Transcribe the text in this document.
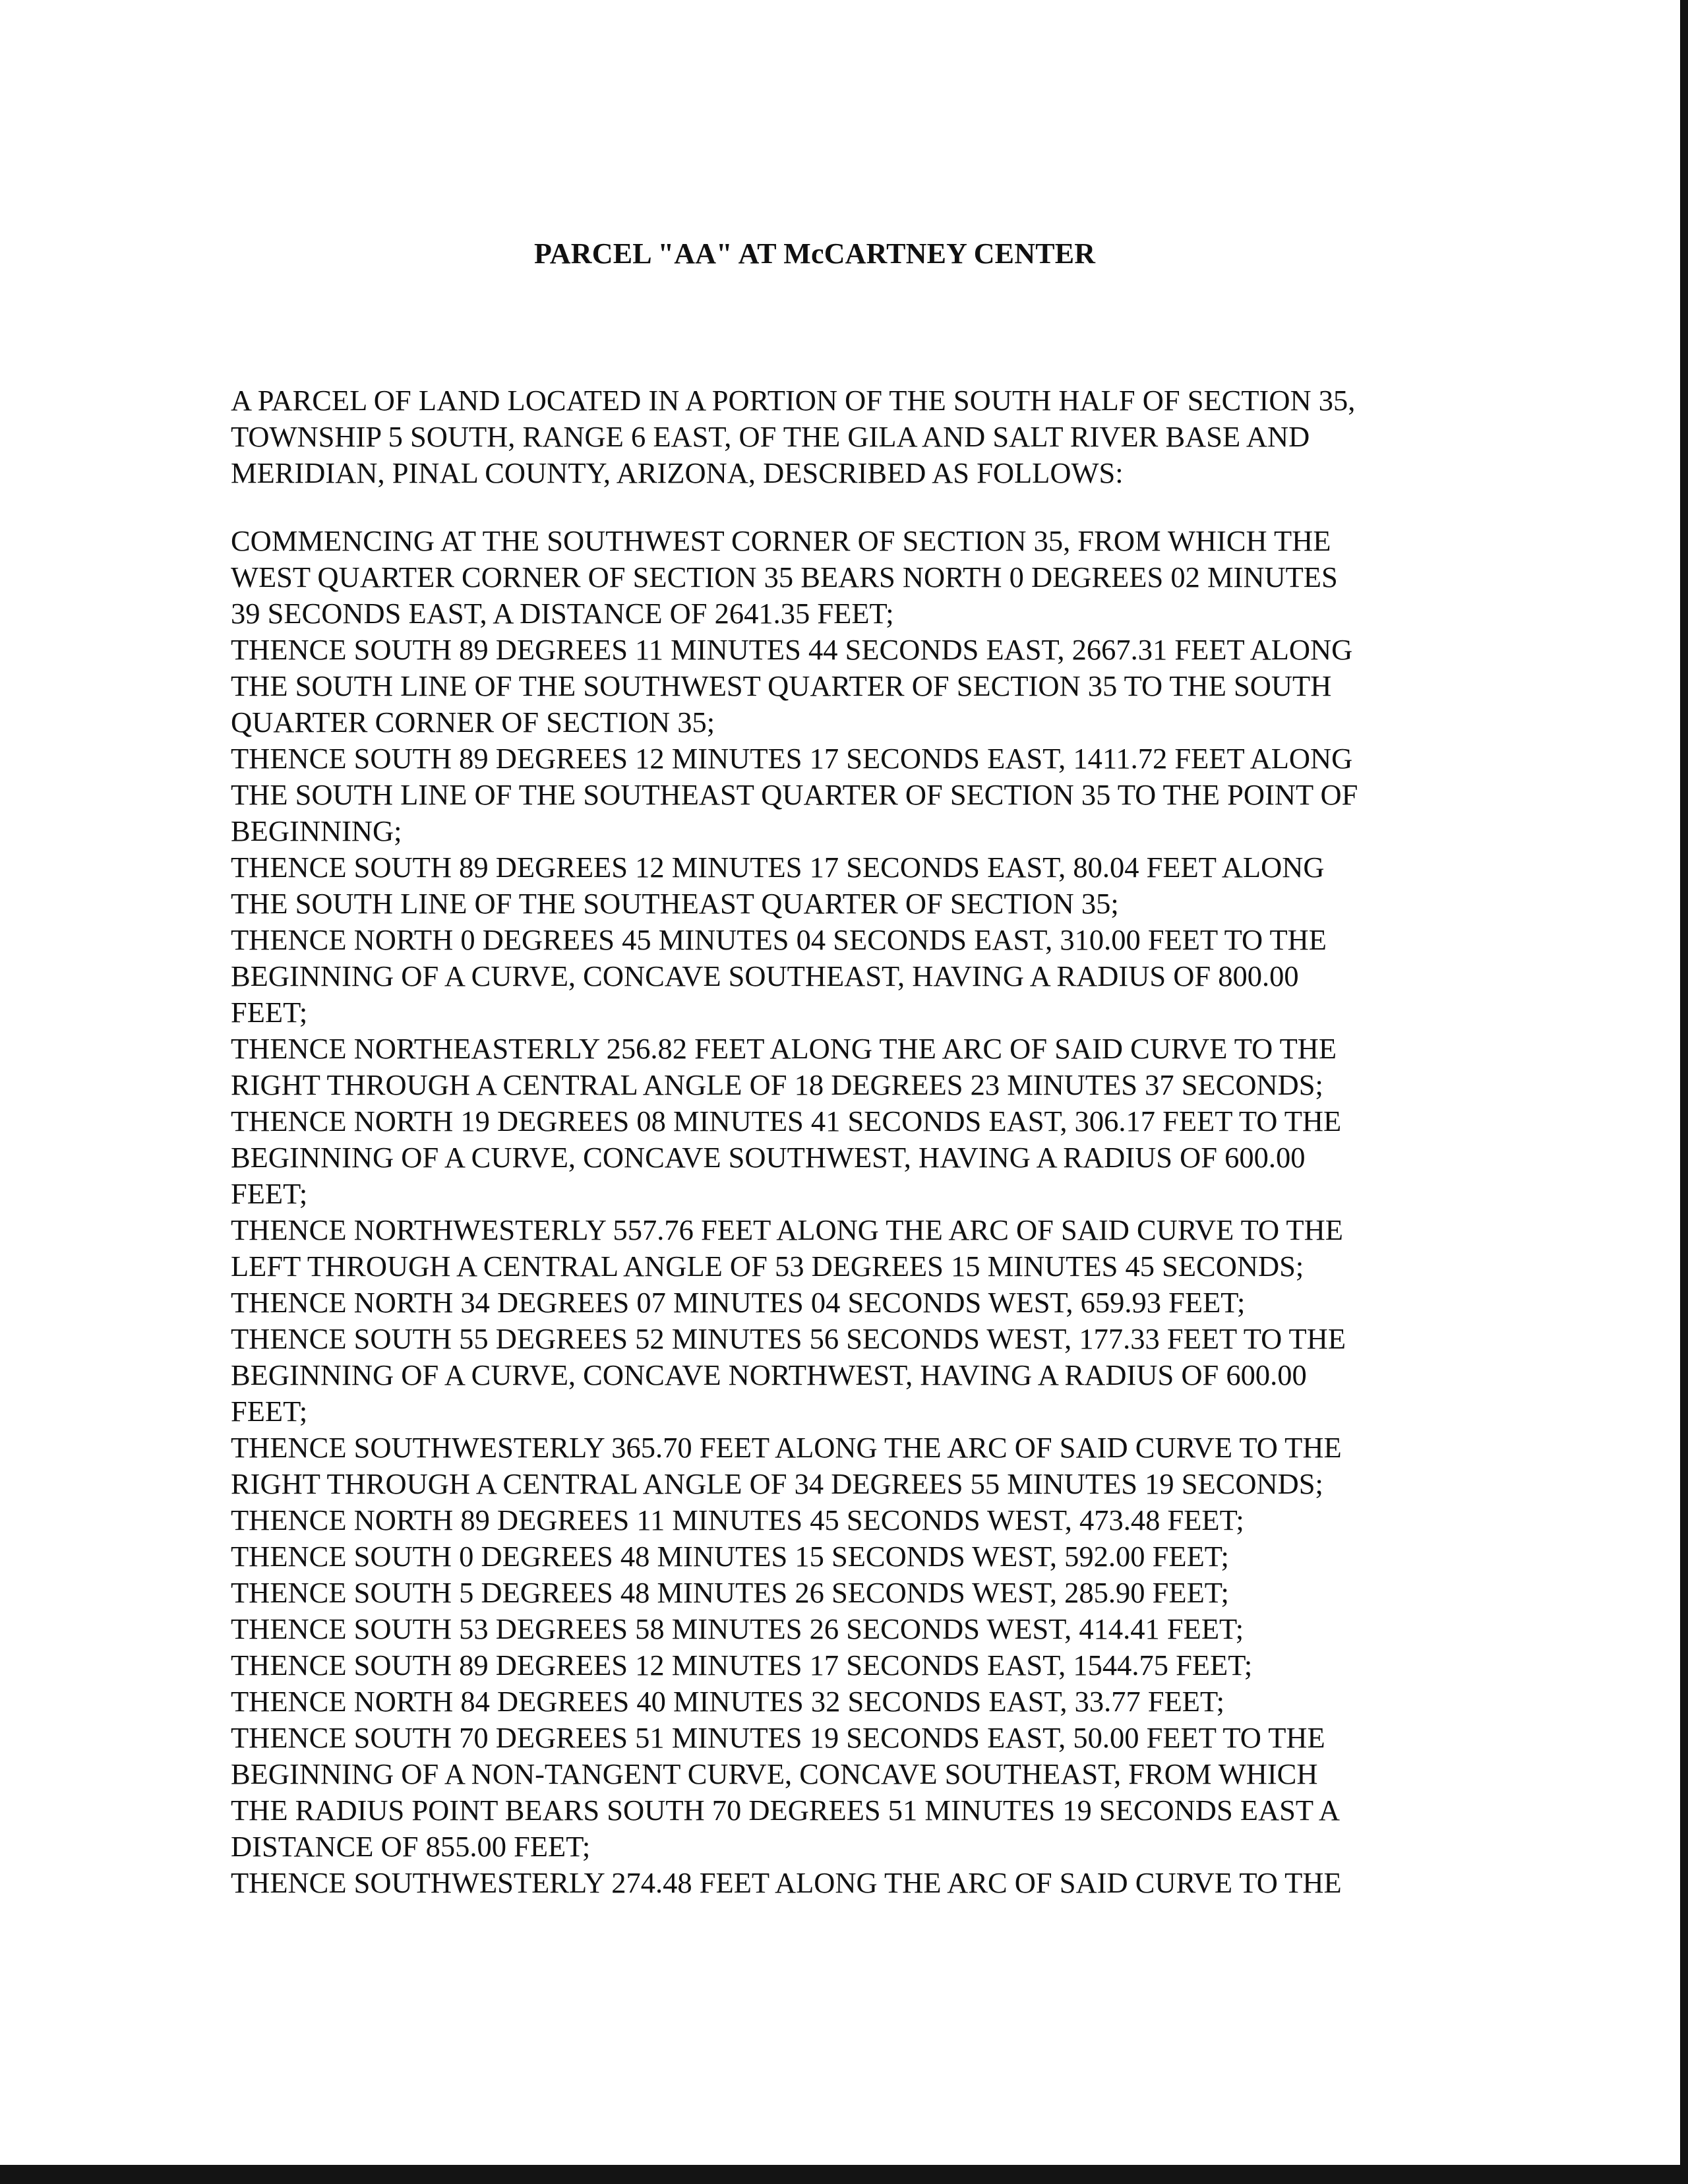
PARCEL "AA" AT McCARTNEY CENTER
A PARCEL OF LAND LOCATED IN A PORTION OF THE SOUTH HALF OF SECTION 35,
TOWNSHIP 5 SOUTH, RANGE 6 EAST, OF THE GILA AND SALT RIVER BASE AND
MERIDIAN, PINAL COUNTY, ARIZONA, DESCRIBED AS FOLLOWS:
COMMENCING AT THE SOUTHWEST CORNER OF SECTION 35, FROM WHICH THE
WEST QUARTER CORNER OF SECTION 35 BEARS NORTH 0 DEGREES 02 MINUTES
39 SECONDS EAST, A DISTANCE OF 2641.35 FEET;
THENCE SOUTH 89 DEGREES 11 MINUTES 44 SECONDS EAST, 2667.31 FEET ALONG
THE SOUTH LINE OF THE SOUTHWEST QUARTER OF SECTION 35 TO THE SOUTH
QUARTER CORNER OF SECTION 35;
THENCE SOUTH 89 DEGREES 12 MINUTES 17 SECONDS EAST, 1411.72 FEET ALONG
THE SOUTH LINE OF THE SOUTHEAST QUARTER OF SECTION 35 TO THE POINT OF
BEGINNING;
THENCE SOUTH 89 DEGREES 12 MINUTES 17 SECONDS EAST, 80.04 FEET ALONG
THE SOUTH LINE OF THE SOUTHEAST QUARTER OF SECTION 35;
THENCE NORTH 0 DEGREES 45 MINUTES 04 SECONDS EAST, 310.00 FEET TO THE
BEGINNING OF A CURVE, CONCAVE SOUTHEAST, HAVING A RADIUS OF 800.00
FEET;
THENCE NORTHEASTERLY 256.82 FEET ALONG THE ARC OF SAID CURVE TO THE
RIGHT THROUGH A CENTRAL ANGLE OF 18 DEGREES 23 MINUTES 37 SECONDS;
THENCE NORTH 19 DEGREES 08 MINUTES 41 SECONDS EAST, 306.17 FEET TO THE
BEGINNING OF A CURVE, CONCAVE SOUTHWEST, HAVING A RADIUS OF 600.00
FEET;
THENCE NORTHWESTERLY 557.76 FEET ALONG THE ARC OF SAID CURVE TO THE
LEFT THROUGH A CENTRAL ANGLE OF 53 DEGREES 15 MINUTES 45 SECONDS;
THENCE NORTH 34 DEGREES 07 MINUTES 04 SECONDS WEST, 659.93 FEET;
THENCE SOUTH 55 DEGREES 52 MINUTES 56 SECONDS WEST, 177.33 FEET TO THE
BEGINNING OF A CURVE, CONCAVE NORTHWEST, HAVING A RADIUS OF 600.00
FEET;
THENCE SOUTHWESTERLY 365.70 FEET ALONG THE ARC OF SAID CURVE TO THE
RIGHT THROUGH A CENTRAL ANGLE OF 34 DEGREES 55 MINUTES 19 SECONDS;
THENCE NORTH 89 DEGREES 11 MINUTES 45 SECONDS WEST, 473.48 FEET;
THENCE SOUTH 0 DEGREES 48 MINUTES 15 SECONDS WEST, 592.00 FEET;
THENCE SOUTH 5 DEGREES 48 MINUTES 26 SECONDS WEST, 285.90 FEET;
THENCE SOUTH 53 DEGREES 58 MINUTES 26 SECONDS WEST, 414.41 FEET;
THENCE SOUTH 89 DEGREES 12 MINUTES 17 SECONDS EAST, 1544.75 FEET;
THENCE NORTH 84 DEGREES 40 MINUTES 32 SECONDS EAST, 33.77 FEET;
THENCE SOUTH 70 DEGREES 51 MINUTES 19 SECONDS EAST, 50.00 FEET TO THE
BEGINNING OF A NON-TANGENT CURVE, CONCAVE SOUTHEAST, FROM WHICH
THE RADIUS POINT BEARS SOUTH 70 DEGREES 51 MINUTES 19 SECONDS EAST A
DISTANCE OF 855.00 FEET;
THENCE SOUTHWESTERLY 274.48 FEET ALONG THE ARC OF SAID CURVE TO THE
